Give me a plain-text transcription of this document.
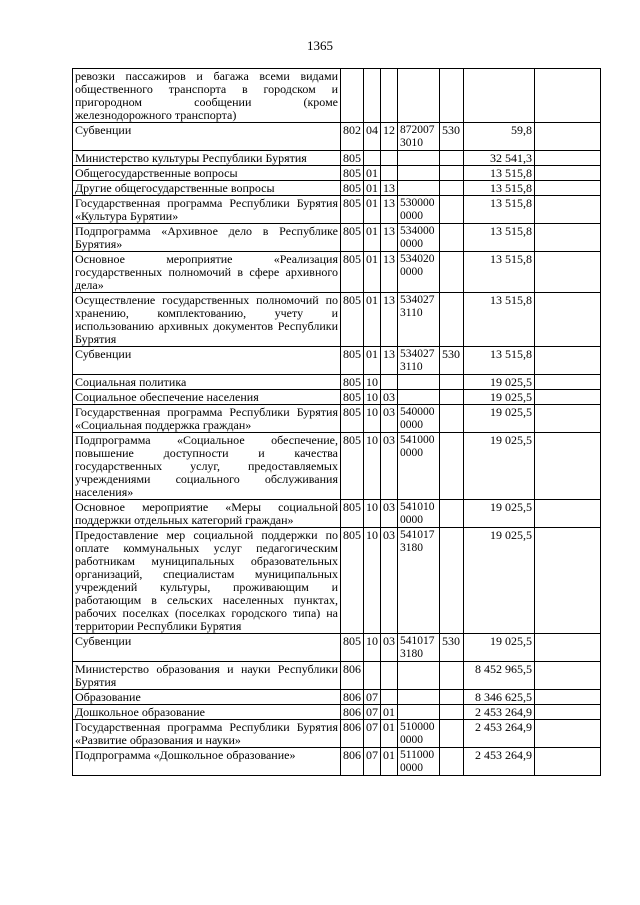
1365
ревозки пассажиров и багажа всеми видами общественного транспорта в городском и пригородном сообщении (кроме железнодорожного транспорта)							
Субвенции	802	04	12	872007 3010	530	59,8	
Министерство культуры Республики Бурятия	805					32 541,3	
Общегосударственные вопросы	805	01				13 515,8	
Другие общегосударственные вопросы	805	01	13			13 515,8	
Государственная программа Республики Бурятия «Культура Бурятии»	805	01	13	530000 0000		13 515,8	
Подпрограмма «Архивное дело в Республике Бурятия»	805	01	13	534000 0000		13 515,8	
Основное мероприятие «Реализация государственных полномочий в сфере архивного дела»	805	01	13	534020 0000		13 515,8	
Осуществление государственных полномочий по хранению, комплектованию, учету и использованию архивных документов Республики Бурятия	805	01	13	534027 3110		13 515,8	
Субвенции	805	01	13	534027 3110	530	13 515,8	
Социальная политика	805	10				19 025,5	
Социальное обеспечение населения	805	10	03			19 025,5	
Государственная программа Республики Бурятия «Социальная поддержка граждан»	805	10	03	540000 0000		19 025,5	
Подпрограмма «Социальное обеспечение, повышение доступности и качества государственных услуг, предоставляемых учреждениями социального обслуживания населения»	805	10	03	541000 0000		19 025,5	
Основное мероприятие «Меры социальной поддержки отдельных категорий граждан»	805	10	03	541010 0000		19 025,5	
Предоставление мер социальной поддержки по оплате коммунальных услуг педагогическим работникам муниципальных образовательных организаций, специалистам муниципальных учреждений культуры, проживающим и работающим в сельских населенных пунктах, рабочих поселках (поселках городского типа) на территории Республики Бурятия	805	10	03	541017 3180		19 025,5	
Субвенции	805	10	03	541017 3180	530	19 025,5	
Министерство образования и науки Республики Бурятия	806					8 452 965,5	
Образование	806	07				8 346 625,5	
Дошкольное образование	806	07	01			2 453 264,9	
Государственная программа Республики Бурятия «Развитие образования и науки»	806	07	01	510000 0000		2 453 264,9	
Подпрограмма «Дошкольное образование»	806	07	01	511000 0000		2 453 264,9	
